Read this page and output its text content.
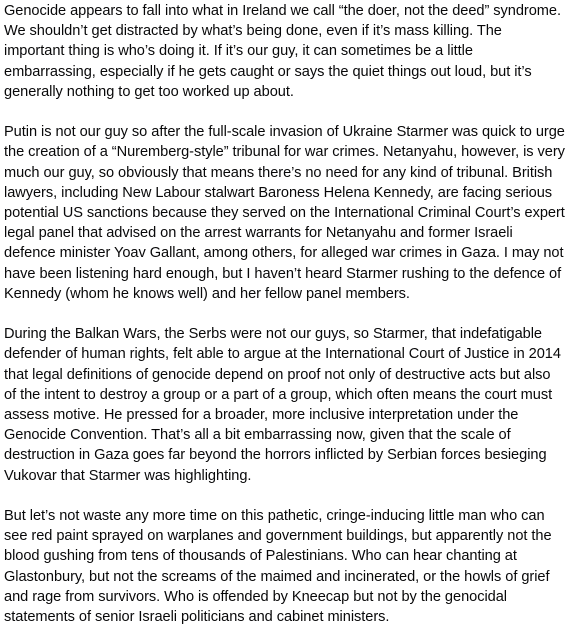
Genocide appears to fall into what in Ireland we call “the doer, not the deed” syndrome. We shouldn’t get distracted by what’s being done, even if it’s mass killing. The important thing is who’s doing it. If it’s our guy, it can sometimes be a little embarrassing, especially if he gets caught or says the quiet things out loud, but it’s generally nothing to get too worked up about.

Putin is not our guy so after the full-scale invasion of Ukraine Starmer was quick to urge the creation of a “Nuremberg-style” tribunal for war crimes. Netanyahu, however, is very much our guy, so obviously that means there’s no need for any kind of tribunal. British lawyers, including New Labour stalwart Baroness Helena Kennedy, are facing serious potential US sanctions because they served on the International Criminal Court’s expert legal panel that advised on the arrest warrants for Netanyahu and former Israeli defence minister Yoav Gallant, among others, for alleged war crimes in Gaza. I may not have been listening hard enough, but I haven’t heard Starmer rushing to the defence of Kennedy (whom he knows well) and her fellow panel members.

During the Balkan Wars, the Serbs were not our guys, so Starmer, that indefatigable defender of human rights, felt able to argue at the International Court of Justice in 2014 that legal definitions of genocide depend on proof not only of destructive acts but also of the intent to destroy a group or a part of a group, which often means the court must assess motive. He pressed for a broader, more inclusive interpretation under the Genocide Convention. That’s all a bit embarrassing now, given that the scale of destruction in Gaza goes far beyond the horrors inflicted by Serbian forces besieging Vukovar that Starmer was highlighting.

But let’s not waste any more time on this pathetic, cringe-inducing little man who can see red paint sprayed on warplanes and government buildings, but apparently not the blood gushing from tens of thousands of Palestinians. Who can hear chanting at Glastonbury, but not the screams of the maimed and incinerated, or the howls of grief and rage from survivors. Who is offended by Kneecap but not by the genocidal statements of senior Israeli politicians and cabinet ministers.
